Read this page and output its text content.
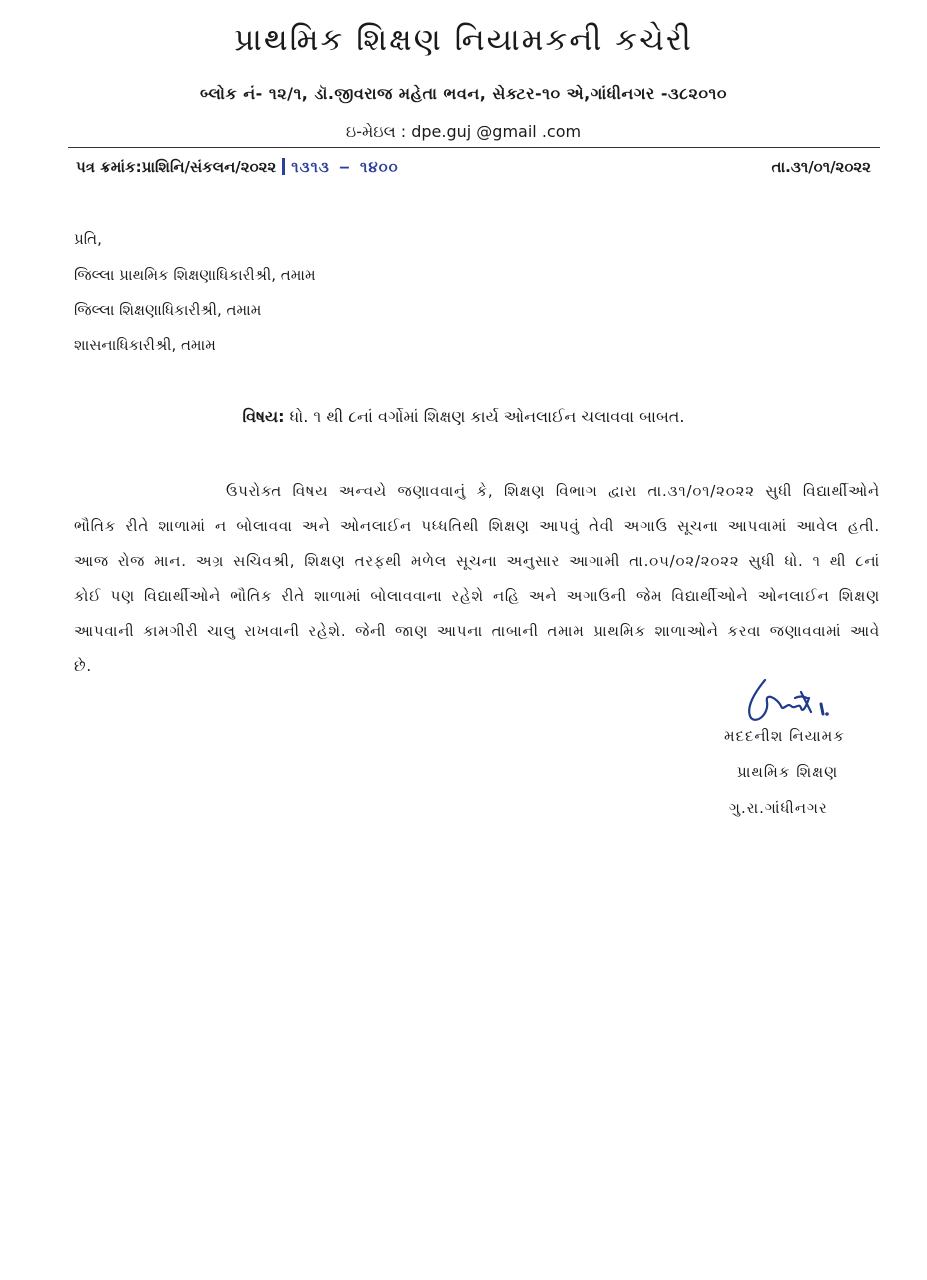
પ્રાથમિક શિક્ષણ નિયામકની કચેરી
બ્લોક નં- ૧૨/૧, ડૉ.જીવરાજ મહેતા ભવન, સેક્ટર-૧૦ એ,ગાંધીનગર -૩૮૨૦૧૦
ઇ-મેઇલ : dpe.guj @gmail .com
પત્ર ક્રમાંક:પ્રાશિનિ/સંકલન/૨૦૨૨ ૧૩૧૩ – ૧૪૦૦	તા.૩૧/૦૧/૨૦૨૨
પ્રતિ,
જિલ્લા પ્રાથમિક શિક્ષણાધિકારીશ્રી, તમામ
જિલ્લા શિક્ષણાધિકારીશ્રી, તમામ
શાસનાધિકારીશ્રી, તમામ
વિષય: ધો. ૧ થી ૮નાં વર્ગોમાં શિક્ષણ કાર્ય ઓનલાઈન ચલાવવા બાબત.
ઉપરોક્ત વિષય અન્વયે જણાવવાનું કે, શિક્ષણ વિભાગ દ્વારા તા.૩૧/૦૧/૨૦૨૨ સુધી વિદ્યાર્થીઓને ભૌતિક રીતે શાળામાં ન બોલાવવા અને ઓનલાઈન પધ્ધતિથી શિક્ષણ આપવું તેવી અગાઉ સૂચના આપવામાં આવેલ હતી. આજ રોજ માન. અગ્ર સચિવશ્રી, શિક્ષણ તરફથી મળેલ સૂચના અનુસાર આગામી તા.૦૫/૦૨/૨૦૨૨ સુધી ધો. ૧ થી ૮નાં કોઈ પણ વિદ્યાર્થીઓને ભૌતિક રીતે શાળામાં બોલાવવાના રહેશે નહિ અને અગાઉની જેમ વિદ્યાર્થીઓને ઓનલાઈન શિક્ષણ આપવાની કામગીરી ચાલુ રાખવાની રહેશે. જેની જાણ આપના તાબાની તમામ પ્રાથમિક શાળાઓને કરવા જણાવવામાં આવે છે.
મદદનીશ નિયામક
પ્રાથમિક શિક્ષણ
ગુ.રા.ગાંધીનગર
